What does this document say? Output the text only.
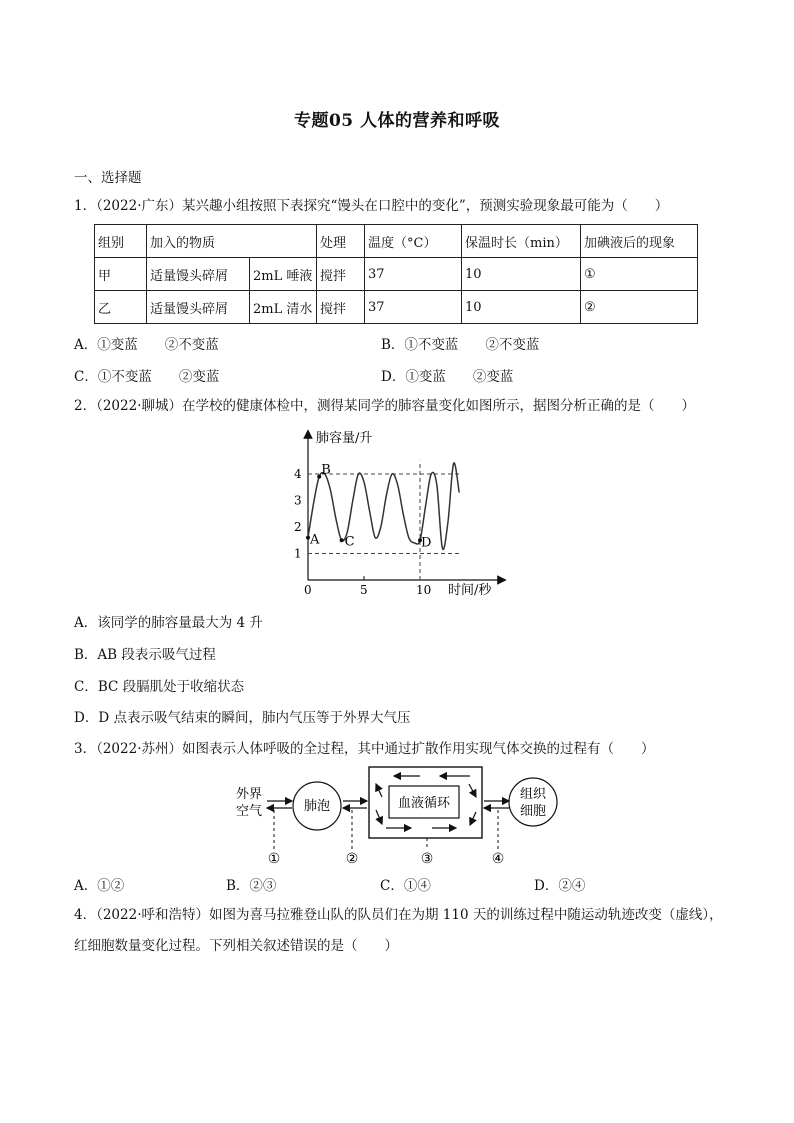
专题05 人体的营养和呼吸
一、选择题
1．（2022·广东）某兴趣小组按照下表探究“馒头在口腔中的变化”，预测实验现象最可能为（　　）
组别	加入的物质		处理	温度（°C）	保温时长（min）	加碘液后的现象
甲	适量馒头碎屑	2mL 唾液	搅拌	37	10	①
乙	适量馒头碎屑	2mL 清水	搅拌	37	10	②
A．①变蓝　　②不变蓝	B．①不变蓝　　②不变蓝
C．①不变蓝　　②变蓝	D．①变蓝　　②变蓝
2．（2022·聊城）在学校的健康体检中，测得某同学的肺容量变化如图所示，据图分析正确的是（　　）
肺容量/升
时间/秒
1
2
3
4
0	5	10
A
B
C	D
A．该同学的肺容量最大为 4 升
B．AB 段表示吸气过程
C．BC 段膈肌处于收缩状态
D．D 点表示吸气结束的瞬间，肺内气压等于外界大气压
3．（2022·苏州）如图表示人体呼吸的全过程，其中通过扩散作用实现气体交换的过程有（　　）
外界
空气	肺泡	血液循环
组织
细胞
①	②	③	④
A．①②	B．②③	C．①④	D．②④
4．（2022·呼和浩特）如图为喜马拉雅登山队的队员们在为期 110 天的训练过程中随运动轨迹改变（虚线），
红细胞数量变化过程。下列相关叙述错误的是（　　）
